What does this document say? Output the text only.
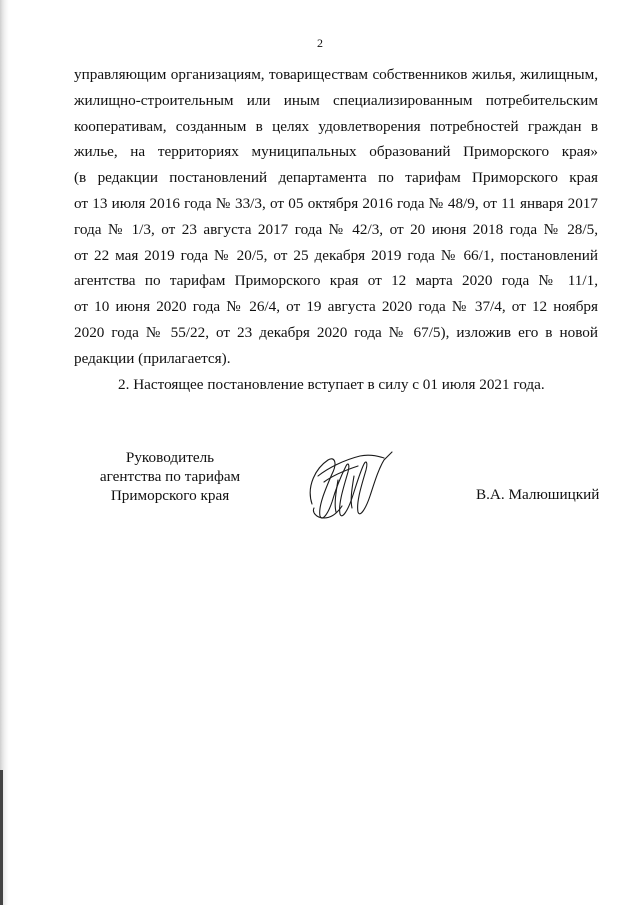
2
управляющим организациям, товариществам собственников жилья, жилищным,
жилищно-строительным или иным специализированным потребительским
кооперативам, созданным в целях удовлетворения потребностей граждан в
жилье, на территориях муниципальных образований Приморского края»
(в редакции постановлений департамента по тарифам Приморского края
от 13 июля 2016 года № 33/3, от 05 октября 2016 года № 48/9, от 11 января 2017
года № 1/3, от 23 августа 2017 года № 42/3, от 20 июня 2018 года № 28/5,
от 22 мая 2019 года № 20/5, от 25 декабря 2019 года № 66/1, постановлений
агентства по тарифам Приморского края от 12 марта 2020 года № 11/1,
от 10 июня 2020 года № 26/4, от 19 августа 2020 года № 37/4, от 12 ноября
2020 года № 55/22, от 23 декабря 2020 года № 67/5), изложив его в новой
редакции (прилагается).
2. Настоящее постановление вступает в силу с 01 июля 2021 года.
Руководитель
агентства по тарифам
Приморского края	В.А. Малюшицкий
